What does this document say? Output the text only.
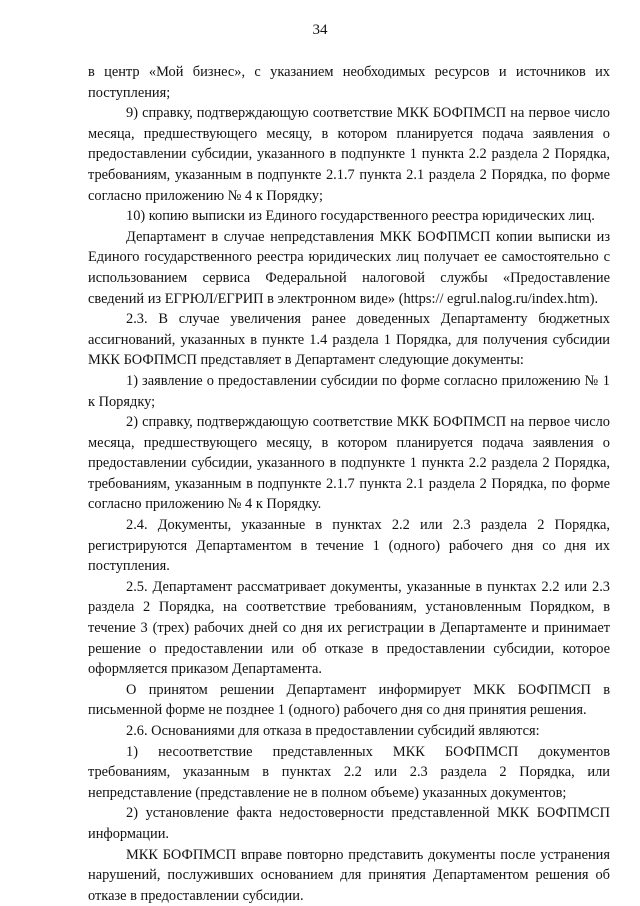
34

в центр «Мой бизнес», с указанием необходимых ресурсов и источников их поступления;

9) справку, подтверждающую соответствие МКК БОФПМСП на первое число месяца, предшествующего месяцу, в котором планируется подача заявления о предоставлении субсидии, указанного в подпункте 1 пункта 2.2 раздела 2 Порядка, требованиям, указанным в подпункте 2.1.7 пункта 2.1 раздела 2 Порядка, по форме согласно приложению № 4 к Порядку;

10) копию выписки из Единого государственного реестра юридических лиц.

Департамент в случае непредставления МКК БОФПМСП копии выписки из Единого государственного реестра юридических лиц получает ее самостоятельно с использованием сервиса Федеральной налоговой службы «Предоставление сведений из ЕГРЮЛ/ЕГРИП в электронном виде» (https:// egrul.nalog.ru/index.htm).

2.3. В случае увеличения ранее доведенных Департаменту бюджетных ассигнований, указанных в пункте 1.4 раздела 1 Порядка, для получения субсидии МКК БОФПМСП представляет в Департамент следующие документы:

1) заявление о предоставлении субсидии по форме согласно приложению № 1 к Порядку;

2) справку, подтверждающую соответствие МКК БОФПМСП на первое число месяца, предшествующего месяцу, в котором планируется подача заявления о предоставлении субсидии, указанного в подпункте 1 пункта 2.2 раздела 2 Порядка, требованиям, указанным в подпункте 2.1.7 пункта 2.1 раздела 2 Порядка, по форме согласно приложению № 4 к Порядку.

2.4. Документы, указанные в пунктах 2.2 или 2.3 раздела 2 Порядка, регистрируются Департаментом в течение 1 (одного) рабочего дня со дня их поступления.

2.5. Департамент рассматривает документы, указанные в пунктах 2.2 или 2.3 раздела 2 Порядка, на соответствие требованиям, установленным Порядком, в течение 3 (трех) рабочих дней со дня их регистрации в Департаменте и принимает решение о предоставлении или об отказе в предоставлении субсидии, которое оформляется приказом Департамента.

О принятом решении Департамент информирует МКК БОФПМСП в письменной форме не позднее 1 (одного) рабочего дня со дня принятия решения.

2.6. Основаниями для отказа в предоставлении субсидий являются:

1) несоответствие представленных МКК БОФПМСП документов требованиям, указанным в пунктах 2.2 или 2.3 раздела 2 Порядка, или непредставление (представление не в полном объеме) указанных документов;

2) установление факта недостоверности представленной МКК БОФПМСП информации.

МКК БОФПМСП вправе повторно представить документы после устранения нарушений, послуживших основанием для принятия Департаментом решения об отказе в предоставлении субсидии.
